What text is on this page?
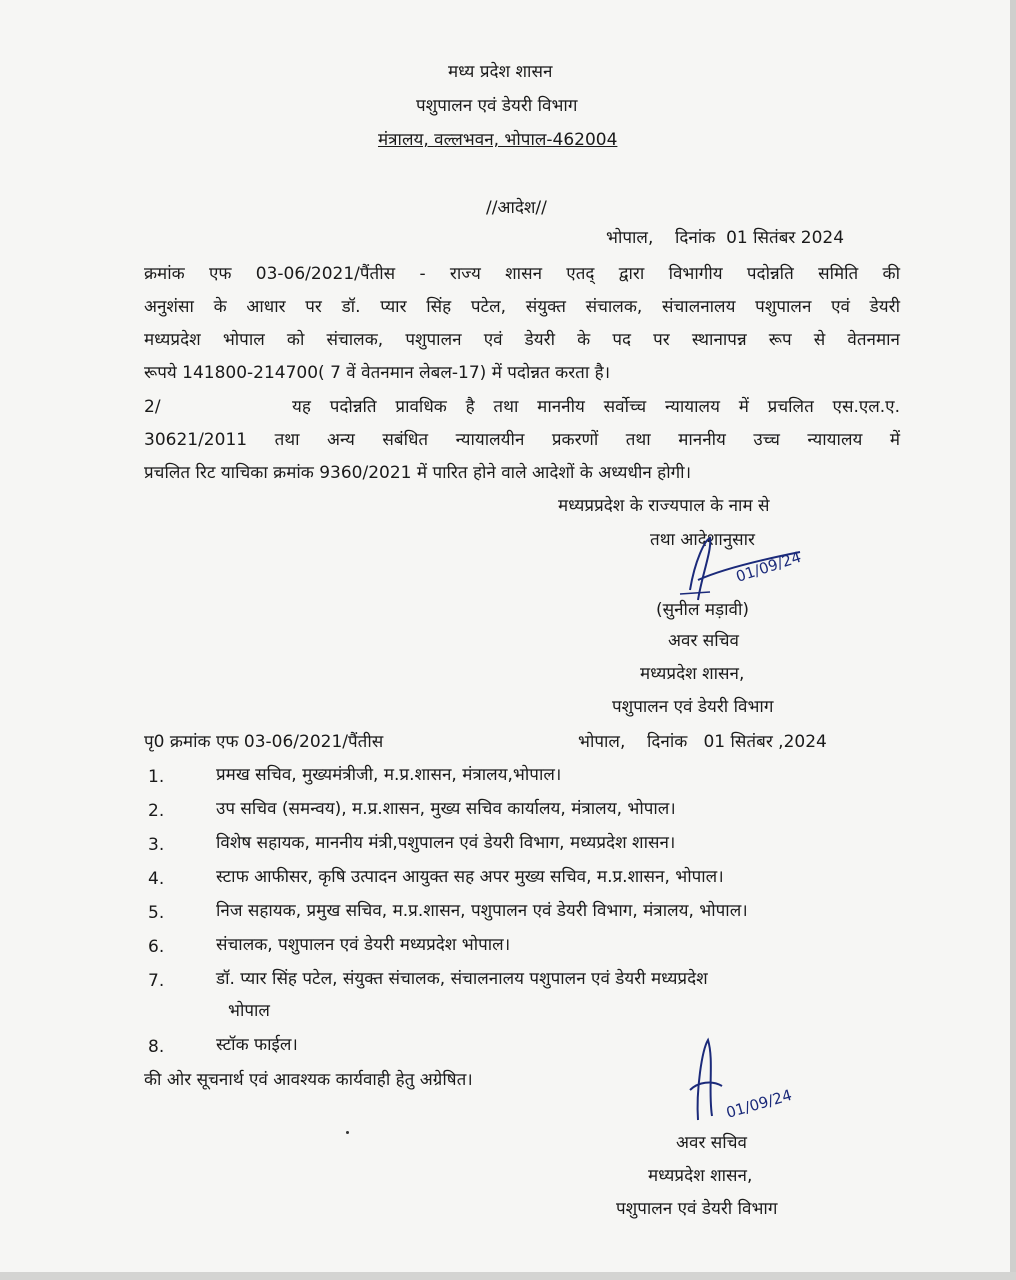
मध्य प्रदेश शासन
पशुपालन एवं डेयरी विभाग
मंत्रालय, वल्लभवन, भोपाल-462004
//आदेश//
भोपाल,    दिनांक  01 सितंबर 2024
क्रमांक एफ 03-06/2021/पैंतीस - राज्य शासन एतद् द्वारा विभागीय पदोन्नति समिति की
अनुशंसा के आधार पर डॉ. प्यार सिंह पटेल, संयुक्त संचालक, संचालनालय पशुपालन एवं डेयरी
मध्यप्रदेश भोपाल को संचालक, पशुपालन एवं डेयरी के पद पर स्थानापन्न रूप से वेतनमान
रूपये 141800-214700( 7 वें वेतनमान लेबल-17) में पदोन्नत करता है।
2/       यह पदोन्नति प्रावधिक है तथा माननीय सर्वोच्च न्यायालय में प्रचलित एस.एल.ए.
30621/2011 तथा अन्य सबंधित न्यायालयीन प्रकरणों तथा माननीय उच्च न्यायालय में
प्रचलित रिट याचिका क्रमांक 9360/2021 में पारित होने वाले आदेशों के अध्यधीन होगी।
मध्यप्रप्रदेश के राज्यपाल के नाम से
तथा आदेशानुसार
01/09/24
(सुनील मड़ावी)
अवर सचिव
मध्यप्रदेश शासन,
पशुपालन एवं डेयरी विभाग
पृ0 क्रमांक एफ 03-06/2021/पैंतीस	भोपाल,    दिनांक   01 सितंबर ,2024
1.	प्रमख सचिव, मुख्यमंत्रीजी, म.प्र.शासन, मंत्रालय,भोपाल।
2.	उप सचिव (समन्वय), म.प्र.शासन, मुख्य सचिव कार्यालय, मंत्रालय, भोपाल।
3.	विशेष सहायक, माननीय मंत्री,पशुपालन एवं डेयरी विभाग, मध्यप्रदेश शासन।
4.	स्टाफ आफीसर, कृषि उत्पादन आयुक्त सह अपर मुख्य सचिव, म.प्र.शासन, भोपाल।
5.	निज सहायक, प्रमुख सचिव, म.प्र.शासन, पशुपालन एवं डेयरी विभाग, मंत्रालय, भोपाल।
6.	संचालक, पशुपालन एवं डेयरी मध्यप्रदेश भोपाल।
7.	डॉ. प्यार सिंह पटेल, संयुक्त संचालक, संचालनालय पशुपालन एवं डेयरी मध्यप्रदेश
भोपाल
8.	स्टॉक फाईल।
की ओर सूचनार्थ एवं आवश्यक कार्यवाही हेतु अग्रेषित।
01/09/24
अवर सचिव
मध्यप्रदेश शासन,
पशुपालन एवं डेयरी विभाग
